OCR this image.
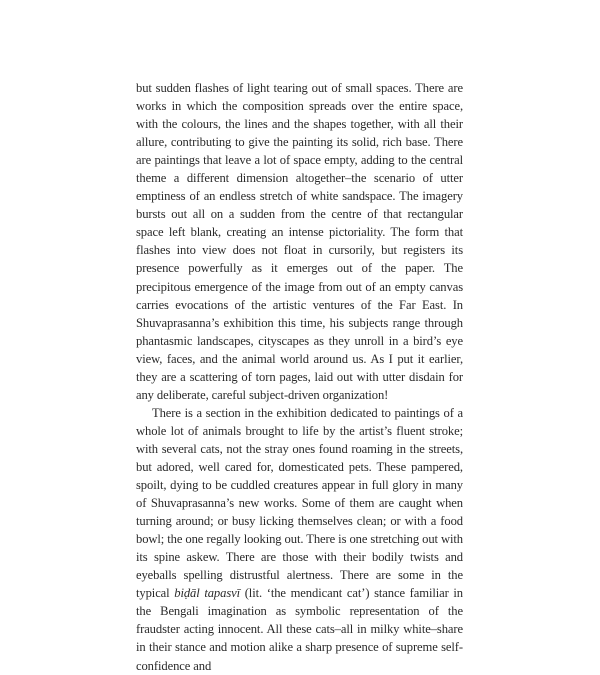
but sudden flashes of light tearing out of small spaces. There are works in which the composition spreads over the entire space, with the colours, the lines and the shapes together, with all their allure, contributing to give the painting its solid, rich base. There are paintings that leave a lot of space empty, adding to the central theme a different dimension altogether–the scenario of utter emptiness of an endless stretch of white sandspace. The imagery bursts out all on a sudden from the centre of that rectangular space left blank, creating an intense pictoriality. The form that flashes into view does not float in cursorily, but registers its presence powerfully as it emerges out of the paper. The precipitous emergence of the image from out of an empty canvas carries evocations of the artistic ventures of the Far East. In Shuvaprasanna’s exhibition this time, his subjects range through phantasmic landscapes, cityscapes as they unroll in a bird’s eye view, faces, and the animal world around us. As I put it earlier, they are a scattering of torn pages, laid out with utter disdain for any deliberate, careful subject-driven organization!

There is a section in the exhibition dedicated to paintings of a whole lot of animals brought to life by the artist’s fluent stroke; with several cats, not the stray ones found roaming in the streets, but adored, well cared for, domesticated pets. These pampered, spoilt, dying to be cuddled creatures appear in full glory in many of Shuvaprasanna’s new works. Some of them are caught when turning around; or busy licking themselves clean; or with a food bowl; the one regally looking out. There is one stretching out with its spine askew. There are those with their bodily twists and eyeballs spelling distrustful alertness. There are some in the typical biḍāl tapasvī (lit. ‘the mendicant cat’) stance familiar in the Bengali imagination as symbolic representation of the fraudster acting innocent. All these cats–all in milky white–share in their stance and motion alike a sharp presence of supreme self-confidence and
